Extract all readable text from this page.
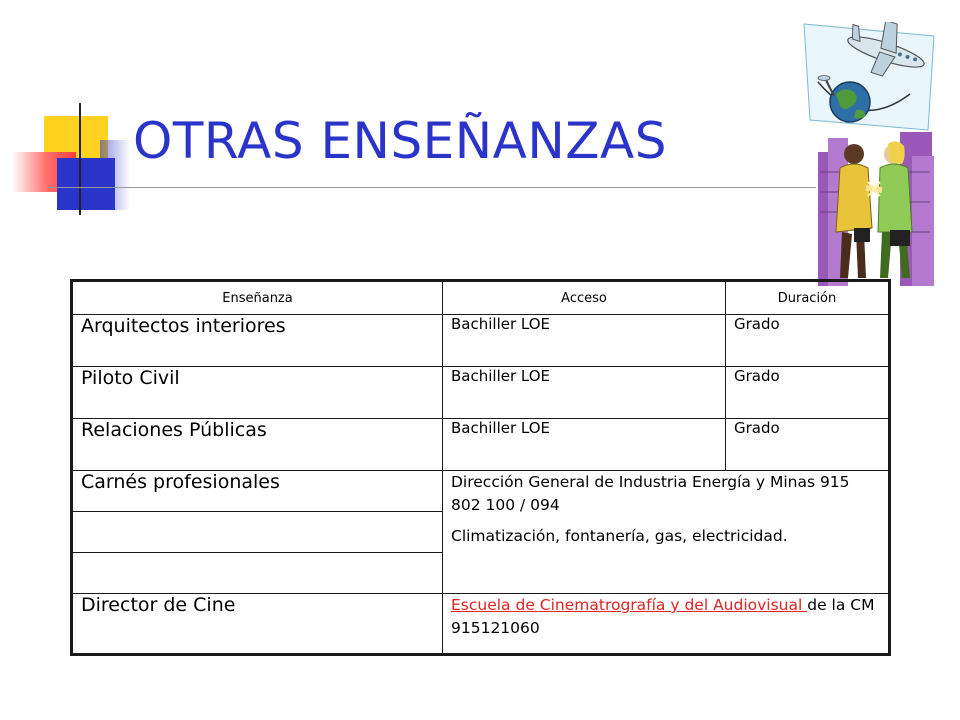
OTRAS ENSEÑANZAS
Enseñanza	Acceso	Duración
Arquitectos interiores	Bachiller LOE	Grado
Piloto Civil	Bachiller LOE	Grado
Relaciones Públicas	Bachiller LOE	Grado
Carnés profesionales	Dirección General de Industria Energía y Minas 915 802 100 / 094

Climatización, fontanería, gas, electricidad.	

Director de Cine	Escuela de Cinematrografía y del Audiovisual de la CM 915121060	
